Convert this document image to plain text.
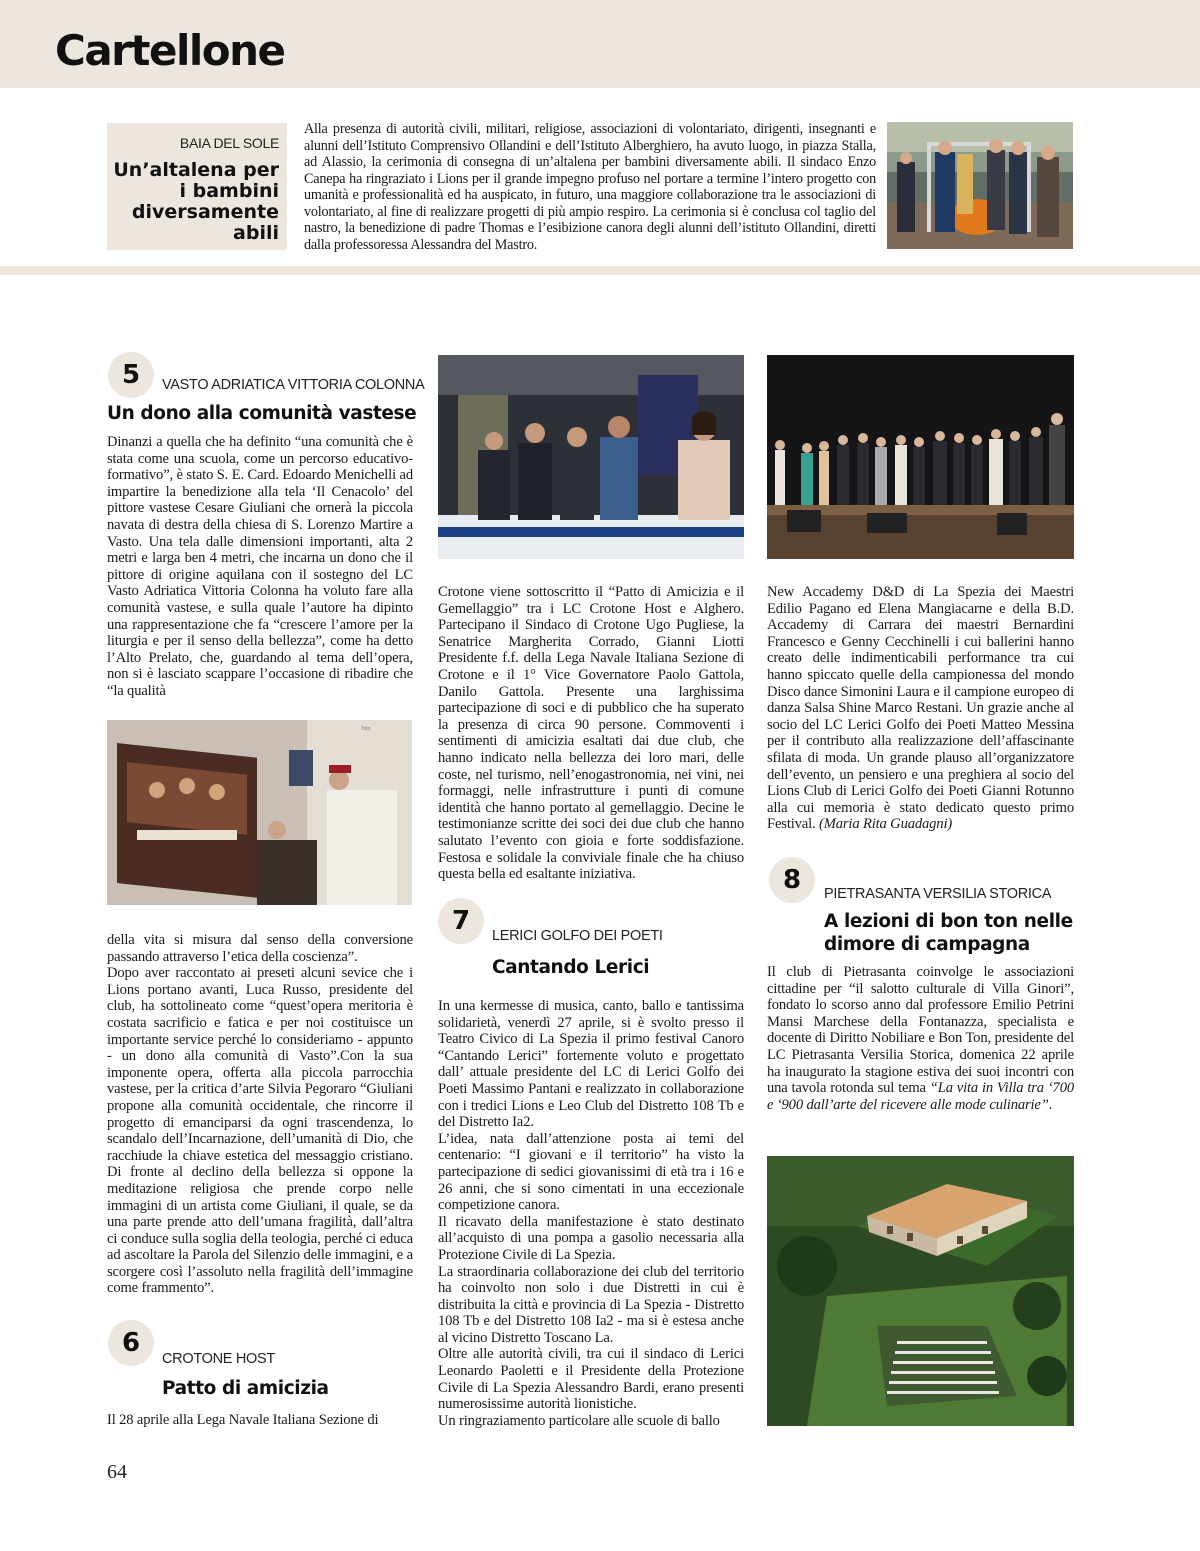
Cartellone
BAIA DEL SOLE
Un’altalena per i bambini diversamente abili

Alla presenza di autorità civili, militari, religiose, associazioni di volontariato, dirigenti, insegnanti e alunni dell’Istituto Comprensivo Ollandini e dell’Istituto Alberghiero, ha avuto luogo, in piazza Stalla, ad Alassio, la cerimonia di consegna di un’altalena per bambini diversamente abili. Il sindaco Enzo Canepa ha ringraziato i Lions per il grande impegno profuso nel portare a termine l’intero progetto con umanità e professionalità ed ha auspicato, in futuro, una maggiore collaborazione tra le associazioni di volontariato, al fine di realizzare progetti di più ampio respiro. La cerimonia si è conclusa col taglio del nastro, la benedizione di padre Thomas e l’esibizione canora degli alunni dell’istituto Ollandini, diretti dalla professoressa Alessandra del Mastro.

5	VASTO ADRIATICA VITTORIA COLONNA
Un dono alla comunità vastese

Dinanzi a quella che ha definito “una comunità che è stata come una scuola, come un percorso educativo-formativo”, è stato S. E. Card. Edoardo Menichelli ad impartire la benedizione alla tela ‘Il Cenacolo’ del pittore vastese Cesare Giuliani che ornerà la piccola navata di destra della chiesa di S. Lorenzo Martire a Vasto. Una tela dalle dimensioni importanti, alta 2 metri e larga ben 4 metri, che incarna un dono che il pittore di origine aquilana con il sostegno del LC Vasto Adriatica Vittoria Colonna ha voluto fare alla comunità vastese, e sulla quale l’autore ha dipinto una rappresentazione che fa “crescere l’amore per la liturgia e per il senso della bellezza”, come ha detto l’Alto Prelato, che, guardando al tema dell’opera, non si è lasciato scappare l’occasione di ribadire che “la qualità

foto

della vita si misura dal senso della conversione passando attraverso l’etica della coscienza”.

Dopo aver raccontato ai preseti alcuni sevice che i Lions portano avanti, Luca Russo, presidente del club, ha sottolineato come “quest’opera meritoria è costata sacrificio e fatica e per noi costituisce un importante service perché lo consideriamo - appunto - un dono alla comunità di Vasto”.Con la sua imponente opera, offerta alla piccola parrocchia vastese, per la critica d’arte Silvia Pegoraro “Giuliani propone alla comunità occidentale, che rincorre il progetto di emanciparsi da ogni trascendenza, lo scandalo dell’Incarnazione, dell’umanità di Dio, che racchiude la chiave estetica del messaggio cristiano. Di fronte al declino della bellezza si oppone la meditazione religiosa che prende corpo nelle immagini di un artista come Giuliani, il quale, se da una parte prende atto dell’umana fragilità, dall’altra ci conduce sulla soglia della teologia, perché ci educa ad ascoltare la Parola del Silenzio delle immagini, e a scorgere così l’assoluto nella fragilità dell’immagine come frammento”.

6
CROTONE HOST
Patto di amicizia

Il 28 aprile alla Lega Navale Italiana Sezione di

64

Crotone viene sottoscritto il “Patto di Amicizia e il Gemellaggio” tra i LC Crotone Host e Alghero. Partecipano il Sindaco di Crotone Ugo Pugliese, la Senatrice Margherita Corrado, Gianni Liotti Presidente f.f. della Lega Navale Italiana Sezione di Crotone e il 1° Vice Governatore Paolo Gattola, Danilo Gattola. Presente una larghissima partecipazione di soci e di pubblico che ha superato la presenza di circa 90 persone. Commoventi i sentimenti di amicizia esaltati dai due club, che hanno indicato nella bellezza dei loro mari, delle coste, nel turismo, nell’enogastronomia, nei vini, nei formaggi, nelle infrastrutture i punti di comune identità che hanno portato al gemellaggio. Decine le testimonianze scritte dei soci dei due club che hanno salutato l’evento con gioia e forte soddisfazione. Festosa e solidale la conviviale finale che ha chiuso questa bella ed esaltante iniziativa.

7	LERICI GOLFO DEI POETI
Cantando Lerici

In una kermesse di musica, canto, ballo e tantissima solidarietà, venerdì 27 aprile, si è svolto presso il Teatro Civico di La Spezia il primo festival Canoro “Cantando Lerici” fortemente voluto e progettato dall’ attuale presidente del LC di Lerici Golfo dei Poeti Massimo Pantani e realizzato in collaborazione con i tredici Lions e Leo Club del Distretto 108 Tb e del Distretto Ia2.

L’idea, nata dall’attenzione posta ai temi del centenario: “I giovani e il territorio” ha visto la partecipazione di sedici giovanissimi di età tra i 16 e 26 anni, che si sono cimentati in una eccezionale competizione canora.

Il ricavato della manifestazione è stato destinato all’acquisto di una pompa a gasolio necessaria alla Protezione Civile di La Spezia.

La straordinaria collaborazione dei club del territorio ha coinvolto non solo i due Distretti in cui è distribuita la città e provincia di La Spezia - Distretto 108 Tb e del Distretto 108 Ia2 - ma si è estesa anche al vicino Distretto Toscano La.

Oltre alle autorità civili, tra cui il sindaco di Lerici Leonardo Paoletti e il Presidente della Protezione Civile di La Spezia Alessandro Bardi, erano presenti numerosissime autorità lionistiche.

Un ringraziamento particolare alle scuole di ballo

New Accademy D&D di La Spezia dei Maestri Edilio Pagano ed Elena Mangiacarne e della B.D. Accademy di Carrara dei maestri Bernardini Francesco e Genny Cecchinelli i cui ballerini hanno creato delle indimenticabili performance tra cui hanno spiccato quelle della campionessa del mondo Disco dance Simonini Laura e il campione europeo di danza Salsa Shine Marco Restani. Un grazie anche al socio del LC Lerici Golfo dei Poeti Matteo Messina per il contributo alla realizzazione dell’affascinante sfilata di moda. Un grande plauso all’organizzatore dell’evento, un pensiero e una preghiera al socio del Lions Club di Lerici Golfo dei Poeti Gianni Rotunno alla cui memoria è stato dedicato questo primo Festival. (Maria Rita Guadagni)

8	PIETRASANTA VERSILIA STORICA
A lezioni di bon ton nelle
dimore di campagna

Il club di Pietrasanta coinvolge le associazioni cittadine per “il salotto culturale di Villa Ginori”, fondato lo scorso anno dal professore Emilio Petrini Mansi Marchese della Fontanazza, specialista e docente di Diritto Nobiliare e Bon Ton, presidente del LC Pietrasanta Versilia Storica, domenica 22 aprile ha inaugurato la stagione estiva dei suoi incontri con una tavola rotonda sul tema “La vita in Villa tra ‘700 e ‘900 dall’arte del ricevere alle mode culinarie”.
